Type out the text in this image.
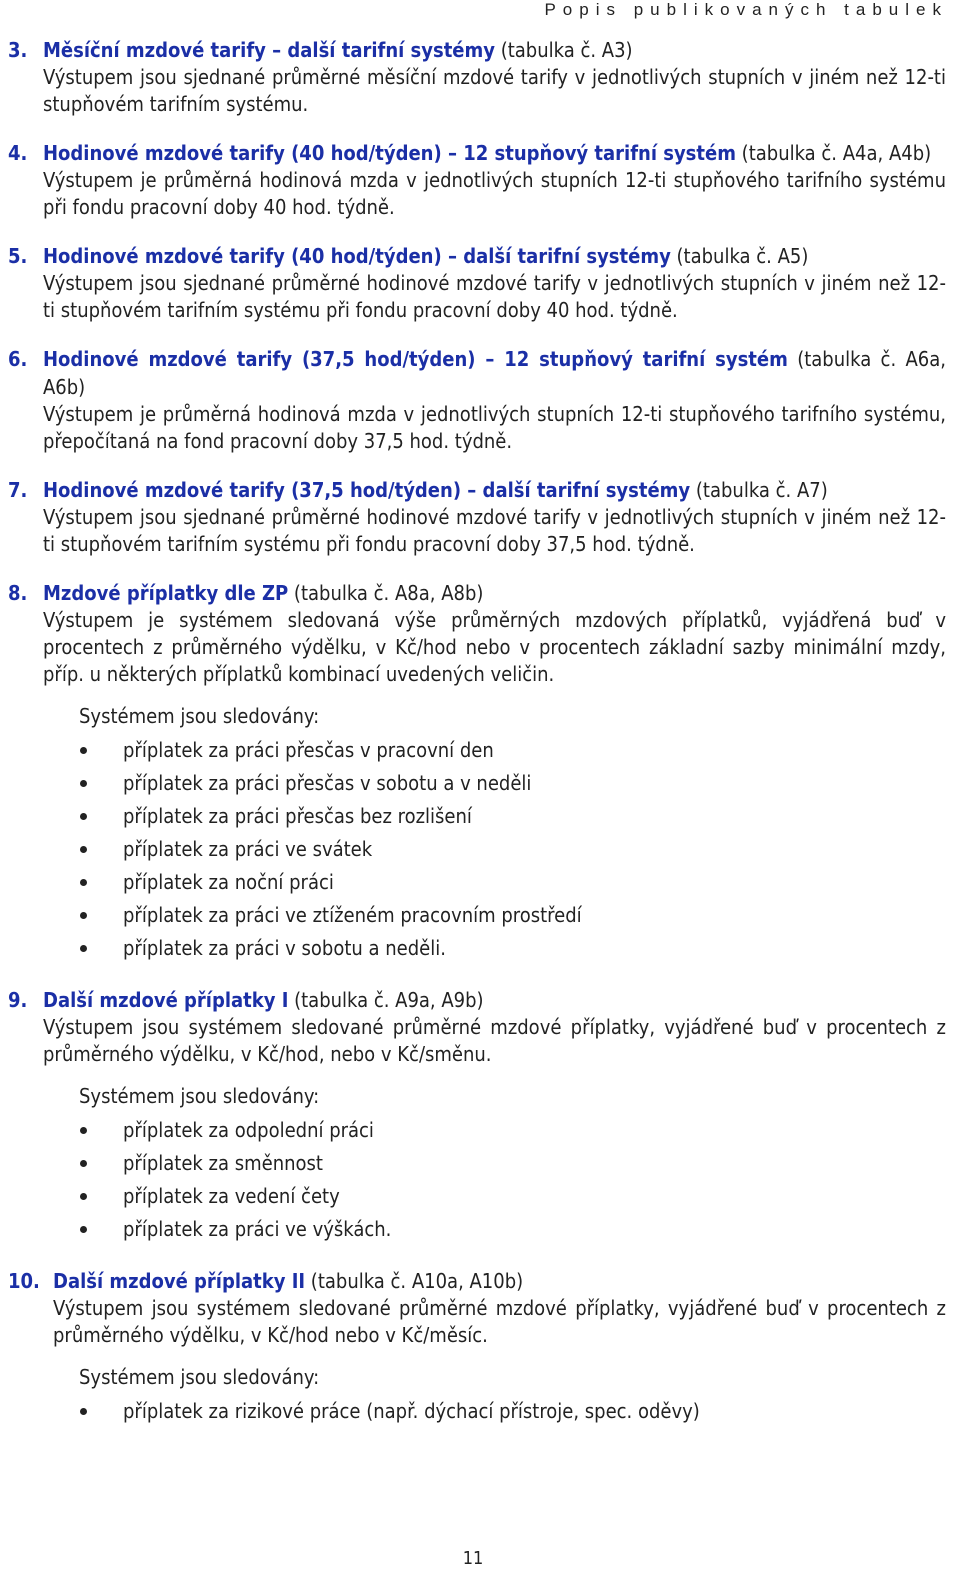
Popis publikovaných tabulek
3. Měsíční mzdové tarify – další tarifní systémy (tabulka č. A3)
Výstupem jsou sjednané průměrné měsíční mzdové tarify v jednotlivých stupních v jiném než 12-ti stupňovém tarifním systému.
4. Hodinové mzdové tarify (40 hod/týden) – 12 stupňový tarifní systém (tabulka č. A4a, A4b)
Výstupem je průměrná hodinová mzda v jednotlivých stupních 12-ti stupňového tarifního systému při fondu pracovní doby 40 hod. týdně.
5. Hodinové mzdové tarify (40 hod/týden) – další tarifní systémy (tabulka č. A5)
Výstupem jsou sjednané průměrné hodinové mzdové tarify v jednotlivých stupních v jiném než 12-ti stupňovém tarifním systému při fondu pracovní doby 40 hod. týdně.
6. Hodinové mzdové tarify (37,5 hod/týden) – 12 stupňový tarifní systém (tabulka č. A6a, A6b)
Výstupem je průměrná hodinová mzda v jednotlivých stupních 12-ti stupňového tarifního systému, přepočítaná na fond pracovní doby 37,5 hod. týdně.
7. Hodinové mzdové tarify (37,5 hod/týden) – další tarifní systémy (tabulka č. A7)
Výstupem jsou sjednané průměrné hodinové mzdové tarify v jednotlivých stupních v jiném než 12-ti stupňovém tarifním systému při fondu pracovní doby 37,5 hod. týdně.
8. Mzdové příplatky dle ZP (tabulka č. A8a, A8b)
Výstupem je systémem sledovaná výše průměrných mzdových příplatků, vyjádřená buď v procentech z průměrného výdělku, v Kč/hod nebo v procentech základní sazby minimální mzdy, příp. u některých příplatků kombinací uvedených veličin.
Systémem jsou sledovány:
příplatek za práci přesčas v pracovní den
příplatek za práci přesčas v sobotu a v neděli
příplatek za práci přesčas bez rozlišení
příplatek za práci ve svátek
příplatek za noční práci
příplatek za práci ve ztíženém pracovním prostředí
příplatek za práci v sobotu a neděli.
9. Další mzdové příplatky I (tabulka č. A9a, A9b)
Výstupem jsou systémem sledované průměrné mzdové příplatky, vyjádřené buď v procentech z průměrného výdělku, v Kč/hod, nebo v Kč/směnu.
Systémem jsou sledovány:
příplatek za odpolední práci
příplatek za směnnost
příplatek za vedení čety
příplatek za práci ve výškách.
10. Další mzdové příplatky II (tabulka č. A10a, A10b)
Výstupem jsou systémem sledované průměrné mzdové příplatky, vyjádřené buď v procentech z průměrného výdělku, v Kč/hod nebo v Kč/měsíc.
Systémem jsou sledovány:
příplatek za rizikové práce (např. dýchací přístroje, spec. oděvy)
11
